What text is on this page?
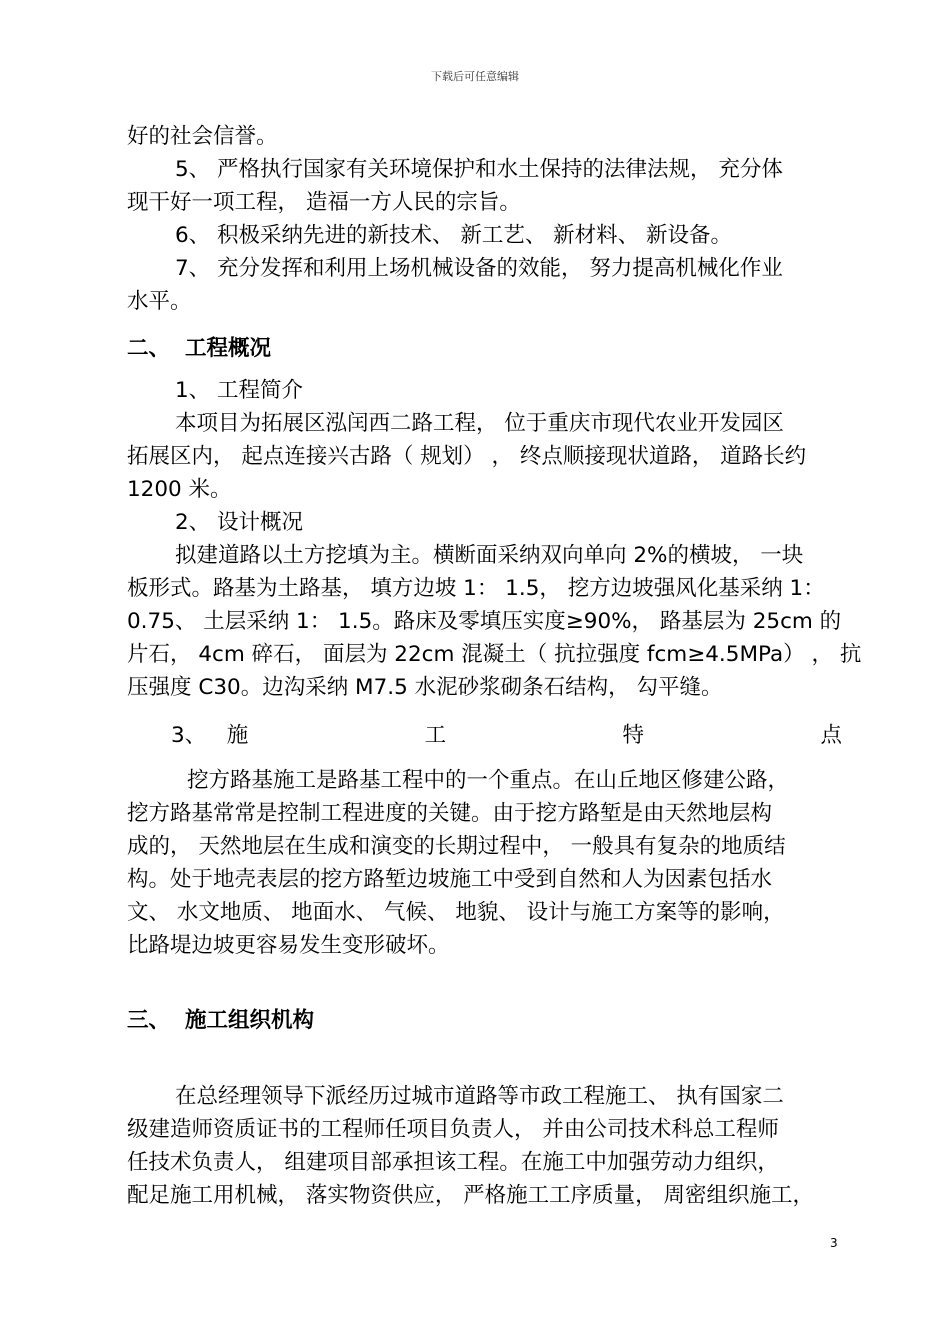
下载后可任意编辑

好的社会信誉。

5、 严格执行国家有关环境保护和水土保持的法律法规， 充分体

现干好一项工程， 造福一方人民的宗旨。

6、 积极采纳先进的新技术、 新工艺、 新材料、 新设备。

7、 充分发挥和利用上场机械设备的效能， 努力提高机械化作业

水平。

二、 工程概况

1、 工程简介

本项目为拓展区泓闰西二路工程， 位于重庆市现代农业开发园区

拓展区内， 起点连接兴古路（ 规划） ， 终点顺接现状道路， 道路长约

1200 米。

2、 设计概况

拟建道路以土方挖填为主。横断面采纳双向单向 2%的横坡， 一块

板形式。路基为土路基， 填方边坡 1： 1.5， 挖方边坡强风化基采纳 1：

0.75、 土层采纳 1： 1.5。路床及零填压实度≥90%， 路基层为 25cm 的

片石， 4cm 碎石， 面层为 22cm 混凝土（ 抗拉强度 fcm≥4.5MPa） ， 抗

压强度 C30。边沟采纳 M7.5 水泥砂浆砌条石结构， 勾平缝。

3、 施	工	特	点

挖方路基施工是路基工程中的一个重点。在山丘地区修建公路，

挖方路基常常是控制工程进度的关键。由于挖方路堑是由天然地层构

成的， 天然地层在生成和演变的长期过程中， 一般具有复杂的地质结

构。处于地壳表层的挖方路堑边坡施工中受到自然和人为因素包括水

文、 水文地质、 地面水、 气候、 地貌、 设计与施工方案等的影响，

比路堤边坡更容易发生变形破坏。

三、 施工组织机构

在总经理领导下派经历过城市道路等市政工程施工、 执有国家二

级建造师资质证书的工程师任项目负责人， 并由公司技术科总工程师

任技术负责人， 组建项目部承担该工程。在施工中加强劳动力组织，

配足施工用机械， 落实物资供应， 严格施工工序质量， 周密组织施工，

3
